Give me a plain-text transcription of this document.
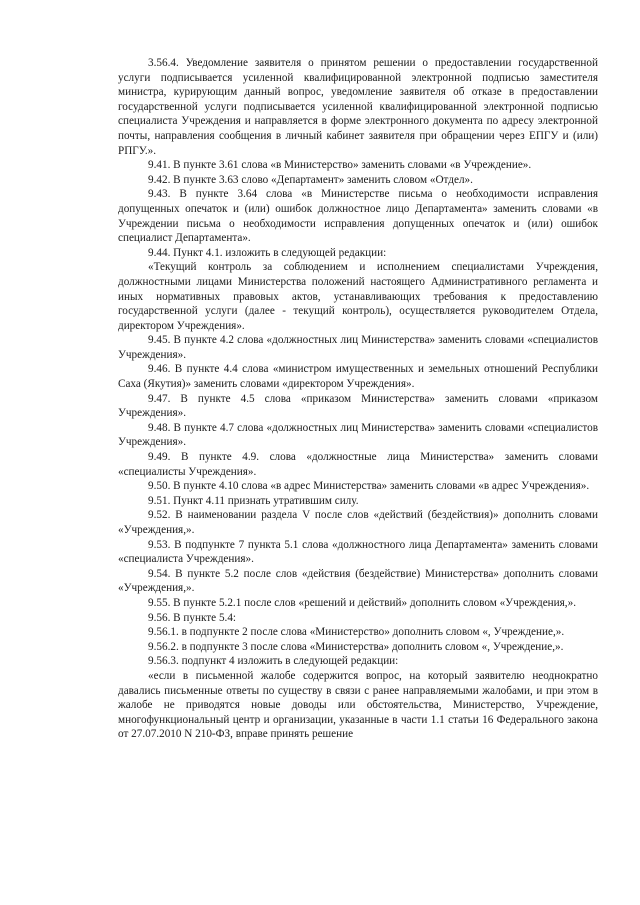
3.56.4. Уведомление заявителя о принятом решении о предоставлении государственной услуги подписывается усиленной квалифицированной электронной подписью заместителя министра, курирующим данный вопрос, уведомление заявителя об отказе в предоставлении государственной услуги подписывается усиленной квалифицированной электронной подписью специалиста Учреждения и направляется в форме электронного документа по адресу электронной почты, направления сообщения в личный кабинет заявителя при обращении через ЕПГУ и (или) РПГУ.».

9.41. В пункте 3.61 слова «в Министерство» заменить словами «в Учреждение».

9.42. В пункте 3.63 слово «Департамент» заменить словом «Отдел».

9.43. В пункте 3.64 слова «в Министерстве письма о необходимости исправления допущенных опечаток и (или) ошибок должностное лицо Департамента» заменить словами «в Учреждении письма о необходимости исправления допущенных опечаток и (или) ошибок специалист Департамента».

9.44. Пункт 4.1. изложить в следующей редакции:

«Текущий контроль за соблюдением и исполнением специалистами Учреждения, должностными лицами Министерства положений настоящего Административного регламента и иных нормативных правовых актов, устанавливающих требования к предоставлению государственной услуги (далее - текущий контроль), осуществляется руководителем Отдела, директором Учреждения».

9.45. В пункте 4.2 слова «должностных лиц Министерства» заменить словами «специалистов Учреждения».

9.46. В пункте 4.4 слова «министром имущественных и земельных отношений Республики Саха (Якутия)» заменить словами «директором Учреждения».

9.47. В пункте 4.5 слова «приказом Министерства» заменить словами «приказом Учреждения».

9.48. В пункте 4.7 слова «должностных лиц Министерства» заменить словами «специалистов Учреждения».

9.49. В пункте 4.9. слова «должностные лица Министерства» заменить словами «специалисты Учреждения».

9.50. В пункте 4.10 слова «в адрес Министерства» заменить словами «в адрес Учреждения».

9.51. Пункт 4.11 признать утратившим силу.

9.52. В наименовании раздела V после слов «действий (бездействия)» дополнить словами «Учреждения,».

9.53. В подпункте 7 пункта 5.1 слова «должностного лица Департамента» заменить словами «специалиста Учреждения».

9.54. В пункте 5.2 после слов «действия (бездействие) Министерства» дополнить словами «Учреждения,».

9.55. В пункте 5.2.1 после слов «решений и действий» дополнить словом «Учреждения,».

9.56. В пункте 5.4:

9.56.1. в подпункте 2 после слова «Министерство» дополнить словом «, Учреждение,».

9.56.2. в подпункте 3 после слова «Министерства» дополнить словом «, Учреждение,».

9.56.3. подпункт 4 изложить в следующей редакции:

«если в письменной жалобе содержится вопрос, на который заявителю неоднократно давались письменные ответы по существу в связи с ранее направляемыми жалобами, и при этом в жалобе не приводятся новые доводы или обстоятельства, Министерство, Учреждение, многофункциональный центр и организации, указанные в части 1.1 статьи 16 Федерального закона от 27.07.2010 N 210-ФЗ, вправе принять решение
